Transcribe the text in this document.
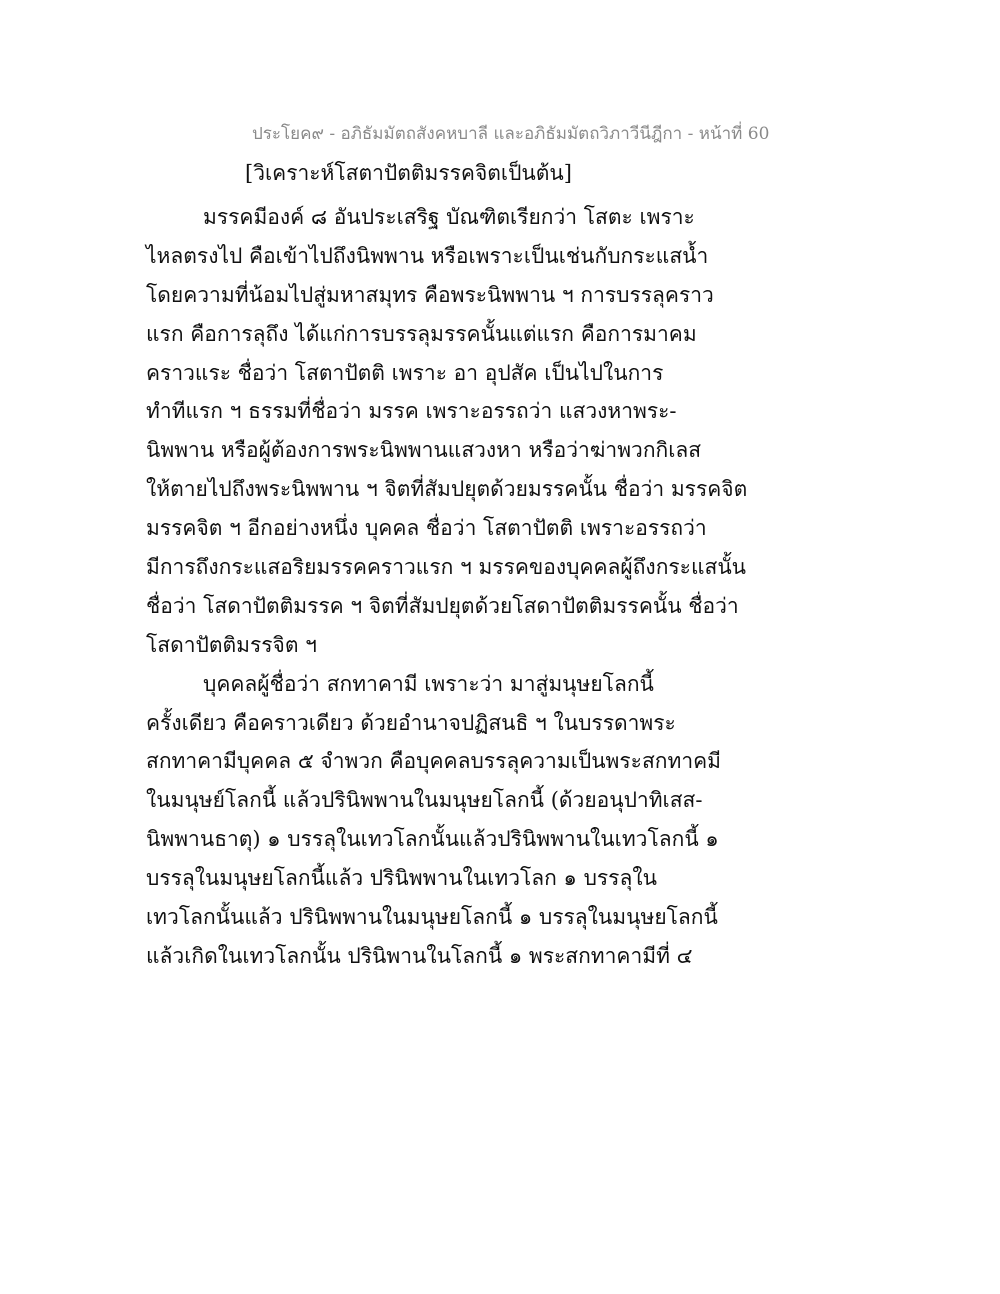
ประโยค๙ - อภิธัมมัตถสังคหบาลี และอภิธัมมัตถวิภาวีนีฎีกา - หน้าที่ 60
[วิเคราะห์โสตาปัตติมรรคจิตเป็นต้น]
มรรคมีองค์ ๘ อันประเสริฐ บัณฑิตเรียกว่า โสตะ เพราะ
ไหลตรงไป คือเข้าไปถึงนิพพาน หรือเพราะเป็นเช่นกับกระแสน้ำ
โดยความที่น้อมไปสู่มหาสมุทร คือพระนิพพาน ฯ การบรรลุคราว
แรก คือการลุถึง ได้แก่การบรรลุมรรคนั้นแต่แรก คือการมาคม
คราวแระ ชื่อว่า โสตาปัตติ เพราะ อา อุปสัค เป็นไปในการ
ทำทีแรก ฯ ธรรมที่ชื่อว่า มรรค เพราะอรรถว่า แสวงหาพระ-
นิพพาน หรือผู้ต้องการพระนิพพานแสวงหา หรือว่าฆ่าพวกกิเลส
ให้ตายไปถึงพระนิพพาน ฯ จิตที่สัมปยุตด้วยมรรคนั้น ชื่อว่า มรรคจิต
มรรคจิต ฯ อีกอย่างหนึ่ง บุคคล ชื่อว่า โสตาปัตติ เพราะอรรถว่า
มีการถึงกระแสอริยมรรคคราวแรก ฯ มรรคของบุคคลผู้ถึงกระแสนั้น
ชื่อว่า โสดาปัตติมรรค ฯ จิตที่สัมปยุตด้วยโสดาปัตติมรรคนั้น ชื่อว่า
โสดาปัตติมรรจิต ฯ
บุคคลผู้ชื่อว่า สกทาคามี เพราะว่า มาสู่มนุษยโลกนี้
ครั้งเดียว คือคราวเดียว ด้วยอำนาจปฏิสนธิ ฯ ในบรรดาพระ
สกทาคามีบุคคล ๕ จำพวก คือบุคคลบรรลุความเป็นพระสกทาคมี
ในมนุษย์โลกนี้ แล้วปรินิพพานในมนุษยโลกนี้ (ด้วยอนุปาทิเสส-
นิพพานธาตุ) ๑ บรรลุในเทวโลกนั้นแล้วปรินิพพานในเทวโลกนี้ ๑
บรรลุในมนุษยโลกนี้แล้ว ปรินิพพานในเทวโลก ๑ บรรลุใน
เทวโลกนั้นแล้ว ปรินิพพานในมนุษยโลกนี้ ๑ บรรลุในมนุษยโลกนี้
แล้วเกิดในเทวโลกนั้น ปรินิพานในโลกนี้ ๑ พระสกทาคามีที่ ๔
